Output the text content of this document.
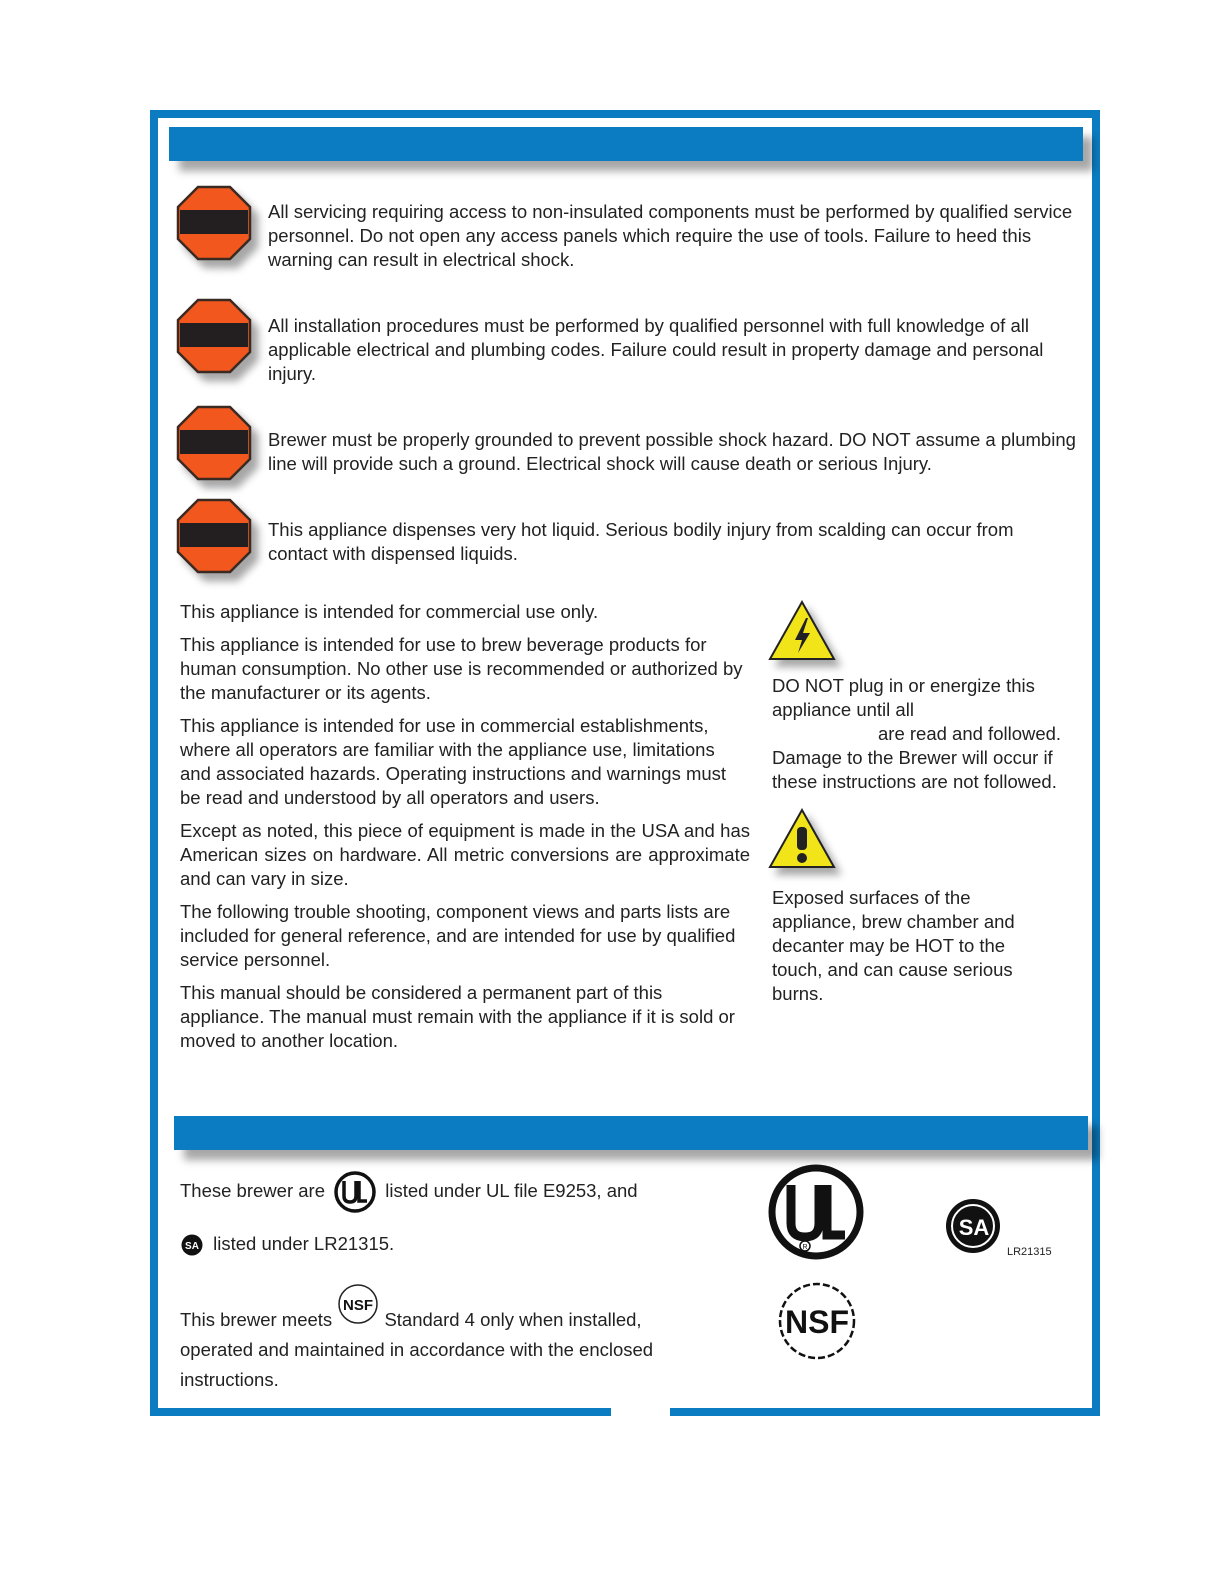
All servicing requiring access to non-insulated components must be performed by qualified service personnel. Do not open any access panels which require the use of tools. Failure to heed this warning can result in electrical shock.
All installation procedures must be performed by qualified personnel with full knowledge of all applicable electrical and plumbing codes. Failure could result in property damage and personal injury.
Brewer must be properly grounded to prevent possible shock hazard. DO NOT assume a plumbing line will provide such a ground. Electrical shock will cause death or serious Injury.
This appliance dispenses very hot liquid. Serious bodily injury from scalding can occur from contact with dispensed liquids.

This appliance is intended for commercial use only.

This appliance is intended for use to brew beverage products for human consumption. No other use is recommended or authorized by the manufacturer or its agents.

This appliance is intended for use in commercial establishments, where all operators are familiar with the appliance use, limitations and associated hazards. Operating instructions and warnings must be read and understood by all operators and users.

Except as noted, this piece of equipment is made in the USA and has American sizes on hardware. All metric conversions are approximate and can vary in size.

The following trouble shooting, component views and parts lists are included for general reference, and are intended for use by qualified service personnel.

This manual should be considered a permanent part of this appliance. The manual must remain with the appliance if it is sold or moved to another location.

DO NOT plug in or energize this
appliance until all
are read and followed.
Damage to the Brewer will occur if
these instructions are not followed.
Exposed surfaces of the appliance, brew chamber and decanter may be HOT to the touch, and can cause serious burns.
These brewer are	listed under UL file E9253, and
SA listed under LR21315.
This brewer meets
NSF
Standard 4 only when installed,
operated and maintained in accordance with the enclosed
instructions.
R
SA
LR21315
NSF
